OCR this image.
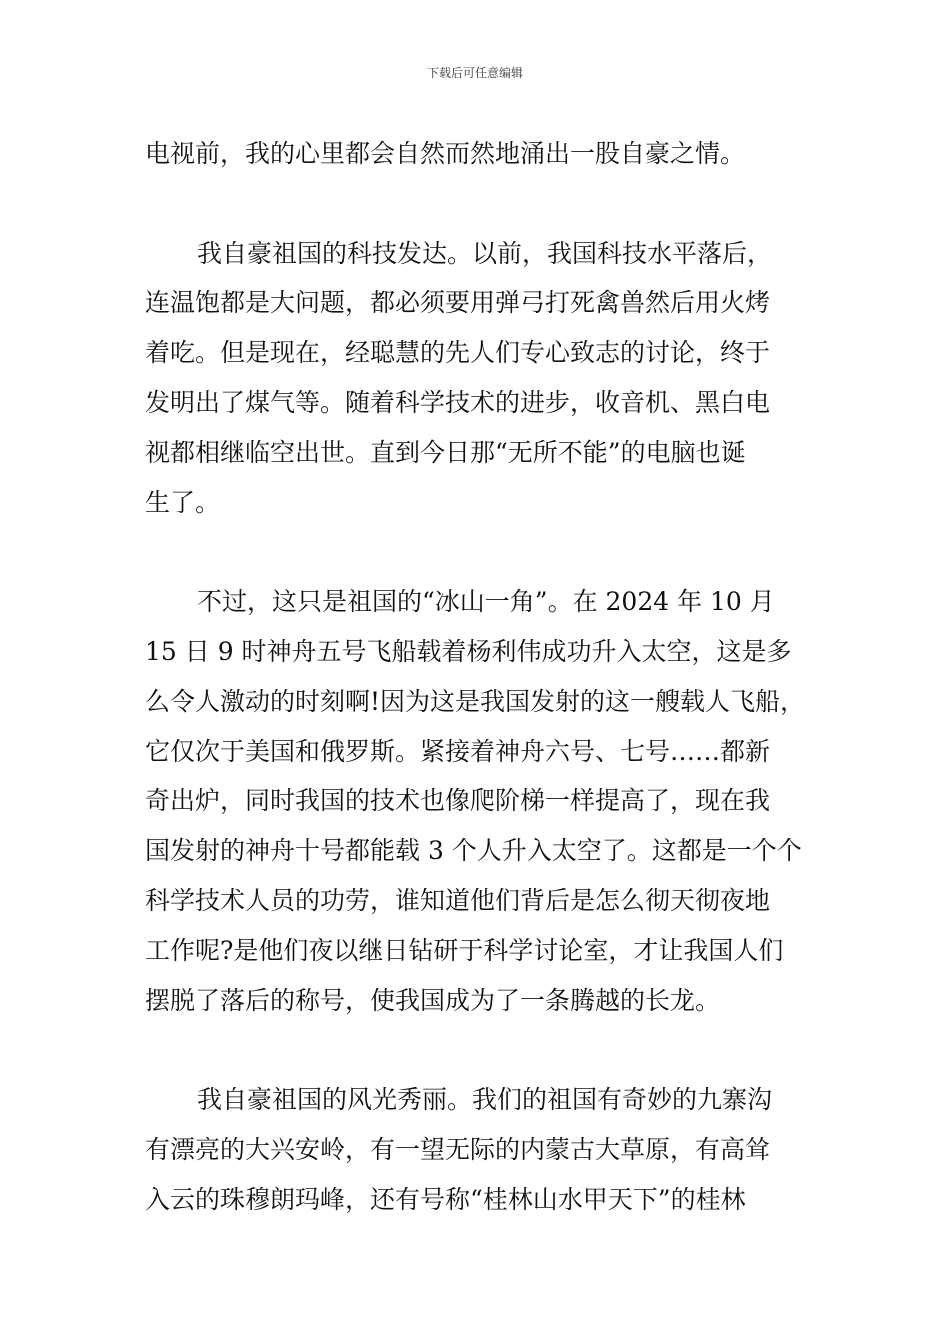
下载后可任意编辑
电视前，我的心里都会自然而然地涌出一股自豪之情。
我自豪祖国的科技发达。以前，我国科技水平落后，
连温饱都是大问题，都必须要用弹弓打死禽兽然后用火烤
着吃。但是现在，经聪慧的先人们专心致志的讨论，终于
发明出了煤气等。随着科学技术的进步，收音机、黑白电
视都相继临空出世。直到今日那“无所不能”的电脑也诞
生了。
不过，这只是祖国的“冰山一角”。在 2024 年 10 月
15 日 9 时神舟五号飞船载着杨利伟成功升入太空，这是多
么令人激动的时刻啊!因为这是我国发射的这一艘载人飞船，
它仅次于美国和俄罗斯。紧接着神舟六号、七号……都新
奇出炉，同时我国的技术也像爬阶梯一样提高了，现在我
国发射的神舟十号都能载 3 个人升入太空了。这都是一个个
科学技术人员的功劳，谁知道他们背后是怎么彻天彻夜地
工作呢?是他们夜以继日钻研于科学讨论室，才让我国人们
摆脱了落后的称号，使我国成为了一条腾越的长龙。
我自豪祖国的风光秀丽。我们的祖国有奇妙的九寨沟
有漂亮的大兴安岭，有一望无际的内蒙古大草原，有高耸
入云的珠穆朗玛峰，还有号称“桂林山水甲天下”的桂林
